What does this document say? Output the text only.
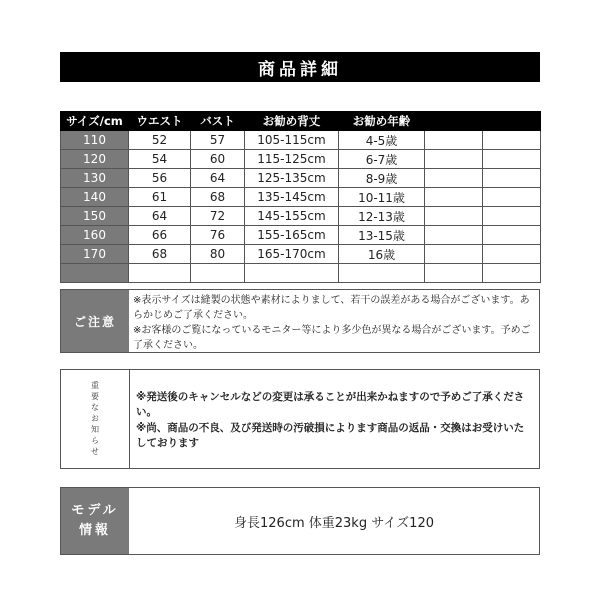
商品詳細
サイズ/cm	ウエスト	バスト	お勧め背丈	お勧め年齢		
110	52	57	105-115cm	4-5歳		
120	54	60	115-125cm	6-7歳		
130	56	64	125-135cm	8-9歳		
140	61	68	135-145cm	10-11歳		
150	64	72	145-155cm	12-13歳		
160	66	76	155-165cm	13-15歳		
170	68	80	165-170cm	16歳		

ご注意
※表示サイズは縫製の状態や素材によりまして、若干の誤差がある場合がございます。あらかじめご了承ください。
※お客様のご覧になっているモニター等により多少色が異なる場合がございます。予めご了承ください。
重要なお知らせ	※発送後のキャンセルなどの変更は承ることが出来かねますので予めご了承ください。

※尚、商品の不良、及び発送時の汚破損によります商品の返品・交換はお受けいたしております

モデル
情報	身長126cm 体重23kg サイズ120
